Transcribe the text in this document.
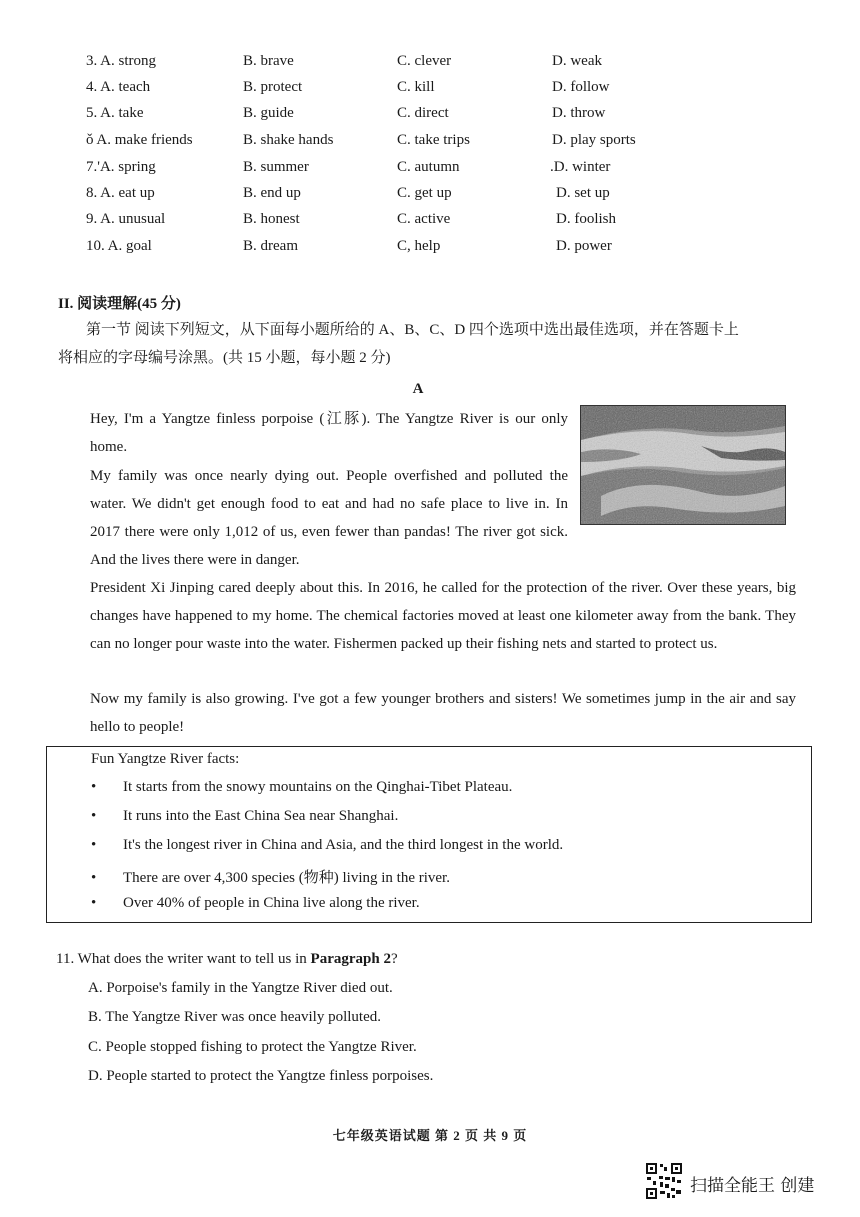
3. A. strong	B. brave	C. clever	D. weak
4. A. teach	B. protect	C. kill	D. follow
5. A. take	B. guide	C. direct	D. throw
ǒ A. make friends	B. shake hands	C. take trips	D. play sports
7.'A. spring	B. summer	C. autumn	.D. winter
8. A. eat up	B. end up	C. get up	D. set up
9. A. unusual	B. honest	C. active	D. foolish
10. A. goal	B. dream	C, help	D. power
II. 阅读理解(45 分)
第一节 阅读下列短文，从下面每小题所给的 A、B、C、D 四个选项中选出最佳选项，并在答题卡上
将相应的字母编号涂黑。(共 15 小题，每小题 2 分)
A
Hey, I'm a Yangtze finless porpoise (江豚). The Yangtze River is our only home.
My family was once nearly dying out. People overfished and polluted the water. We didn't get enough food to eat and had no safe place to live in. In 2017 there were only 1,012 of us, even fewer than pandas! The river got sick. And the lives there were in danger.
President Xi Jinping cared deeply about this. In 2016, he called for the protection of the river. Over these years, big changes have happened to my home. The chemical factories moved at least one kilometer away from the bank. They can no longer pour waste into the water. Fishermen packed up their fishing nets and started to protect us.
Now my family is also growing. I've got a few younger brothers and sisters! We sometimes jump in the air and say hello to people!
Fun Yangtze River facts:
• It starts from the snowy mountains on the Qinghai-Tibet Plateau.
• It runs into the East China Sea near Shanghai.
• It's the longest river in China and Asia, and the third longest in the world.
• There are over 4,300 species (物种) living in the river.
• Over 40% of people in China live along the river.
11. What does the writer want to tell us in Paragraph 2?
A. Porpoise's family in the Yangtze River died out.
B. The Yangtze River was once heavily polluted.
C. People stopped fishing to protect the Yangtze River.
D. People started to protect the Yangtze finless porpoises.
七年级英语试题 第 2 页 共 9 页
扫描全能王 创建
